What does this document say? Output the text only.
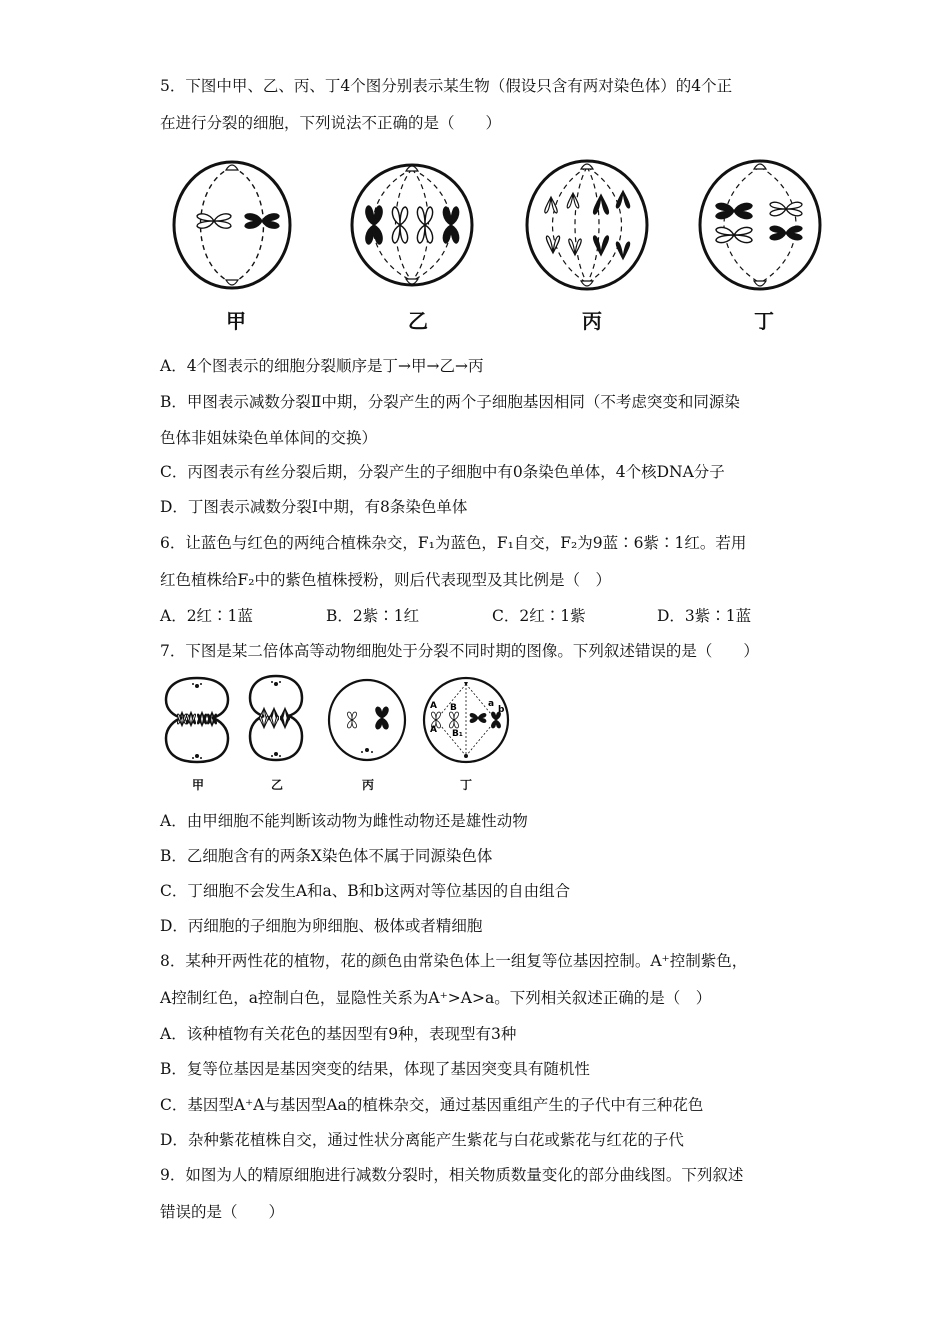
5．下图中甲、乙、丙、丁4个图分别表示某生物（假设只含有两对染色体）的4个正
在进行分裂的细胞，下列说法不正确的是（　　）
甲	乙	丙	丁
A．4个图表示的细胞分裂顺序是丁→甲→乙→丙
B．甲图表示减数分裂Ⅱ中期，分裂产生的两个子细胞基因相同（不考虑突变和同源染
色体非姐妹染色单体间的交换）
C．丙图表示有丝分裂后期，分裂产生的子细胞中有0条染色单体，4个核DNA分子
D．丁图表示减数分裂Ⅰ中期，有8条染色单体
6．让蓝色与红色的两纯合植株杂交，F₁为蓝色，F₁自交，F₂为9蓝∶6紫∶1红。若用
红色植株给F₂中的紫色植株授粉，则后代表现型及其比例是（　）
A．2红∶1蓝	B．2紫∶1红	C．2红∶1紫	D．3紫∶1蓝
7．下图是某二倍体高等动物细胞处于分裂不同时期的图像。下列叙述错误的是（　　）
A B	a
b
B₁
A
甲	乙	丙	丁
A．由甲细胞不能判断该动物为雌性动物还是雄性动物
B．乙细胞含有的两条X染色体不属于同源染色体
C．丁细胞不会发生A和a、B和b这两对等位基因的自由组合
D．丙细胞的子细胞为卵细胞、极体或者精细胞
8．某种开两性花的植物，花的颜色由常染色体上一组复等位基因控制。A⁺控制紫色，
A控制红色，a控制白色，显隐性关系为A⁺>A>a。下列相关叙述正确的是（　）
A．该种植物有关花色的基因型有9种，表现型有3种
B．复等位基因是基因突变的结果，体现了基因突变具有随机性
C．基因型A⁺A与基因型Aa的植株杂交，通过基因重组产生的子代中有三种花色
D．杂种紫花植株自交，通过性状分离能产生紫花与白花或紫花与红花的子代
9．如图为人的精原细胞进行减数分裂时，相关物质数量变化的部分曲线图。下列叙述
错误的是（　　）
